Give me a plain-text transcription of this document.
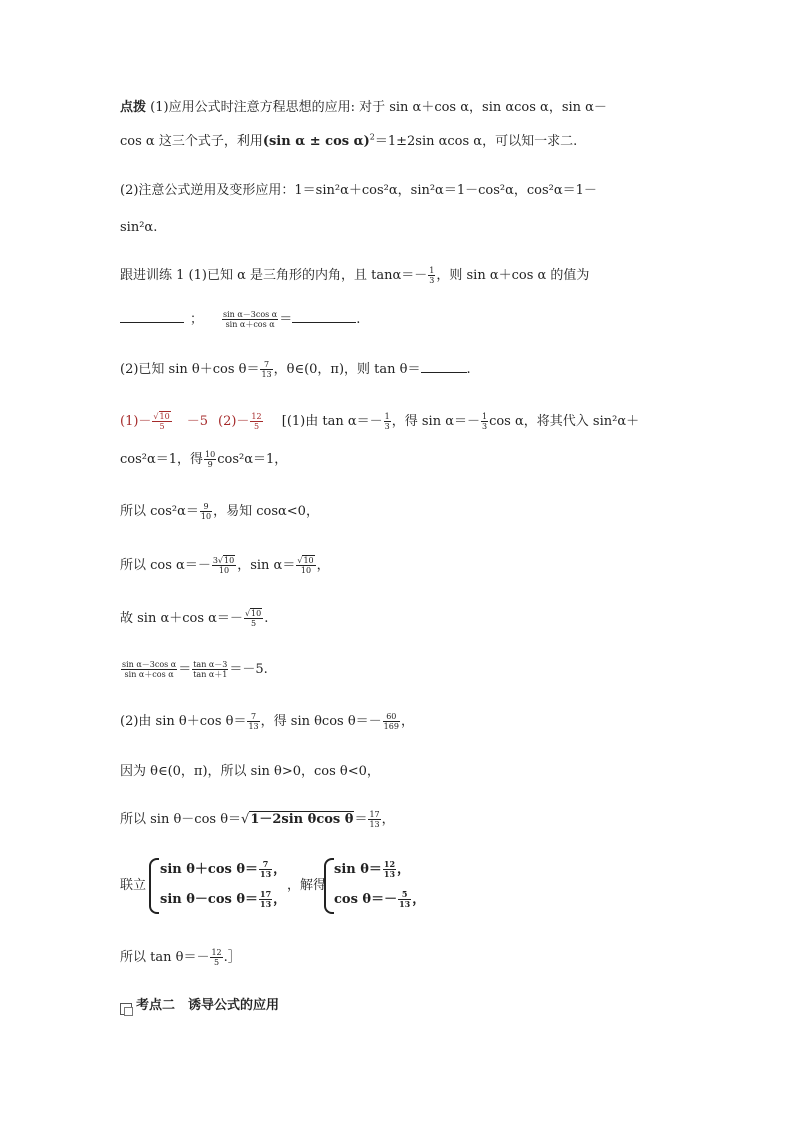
点拨 (1)应用公式时注意方程思想的应用: 对于 sin α＋cos α，sin αcos α，sin α－
cos α 这三个式子，利用(sin α ± cos α)$^2$＝1±2sin αcos α，可以知一求二.
(2)注意公式逆用及变形应用：1＝sin²α＋cos²α，sin²α＝1－cos²α，cos²α＝1－
sin²α.
跟进训练 1 (1)已知 α 是三角形的内角，且 $\tan\alpha=- \frac{1}{3}$ ，则 sin α＋cos α 的值为
； $\frac{\text{sin α－3cos α}}{\text{sin α＋cos α}}$ ＝	.
(2)已知 sin θ＋cos $\theta= \frac{7}{13}$ ，θ∈(0，π)，则 tan θ＝	.
$(1)- \frac{√10}{5} -5$ $(2)- \frac{12}{5} [(1)$由 $\tan \alpha=- \frac{1}{3}$ ，得 $\sin \alpha=- \frac{1}{3}$ cos α，将其代入 sin²α＋
cos²α＝1，得 $\frac{10}{9} \cos^2\alpha=1$，
所以 $\cos^2\alpha= \frac{9}{10}$ ，易知 cosα<0，
所以 $\cos \alpha=- \frac{3√10}{10}$ ，$\sin \alpha= \frac{√10}{10}$ ，
故 sin α＋cos $\alpha=- \frac{√10}{5}$ .
$\frac{\text{sin α－3cos α}}{\text{sin α＋cos α}} = \frac{\text{tan α－3}}{\text{tan α＋1}} =-5$.
(2)由 sin θ＋cos $\theta= \frac{7}{13}$ ，得 sin θcos $\theta=- \frac{60}{169}$ ，
因为 θ∈(0，π)，所以 sin θ>0，cos θ<0，
所以 sin θ－cos θ＝√1－2sin θcos $\theta= \frac{17}{13}$ ，
联立
sin θ＋cos $\theta= \frac{7}{13}$ ，
sin θ－cos $\theta= \frac{17}{13}$ ，
，解得
$\sin \theta= \frac{12}{13}$ ，
$\cos \theta=- \frac{5}{13}$ ，
所以 $\tan \theta=- \frac{12}{5}$ .］
考点二　诱导公式的应用
